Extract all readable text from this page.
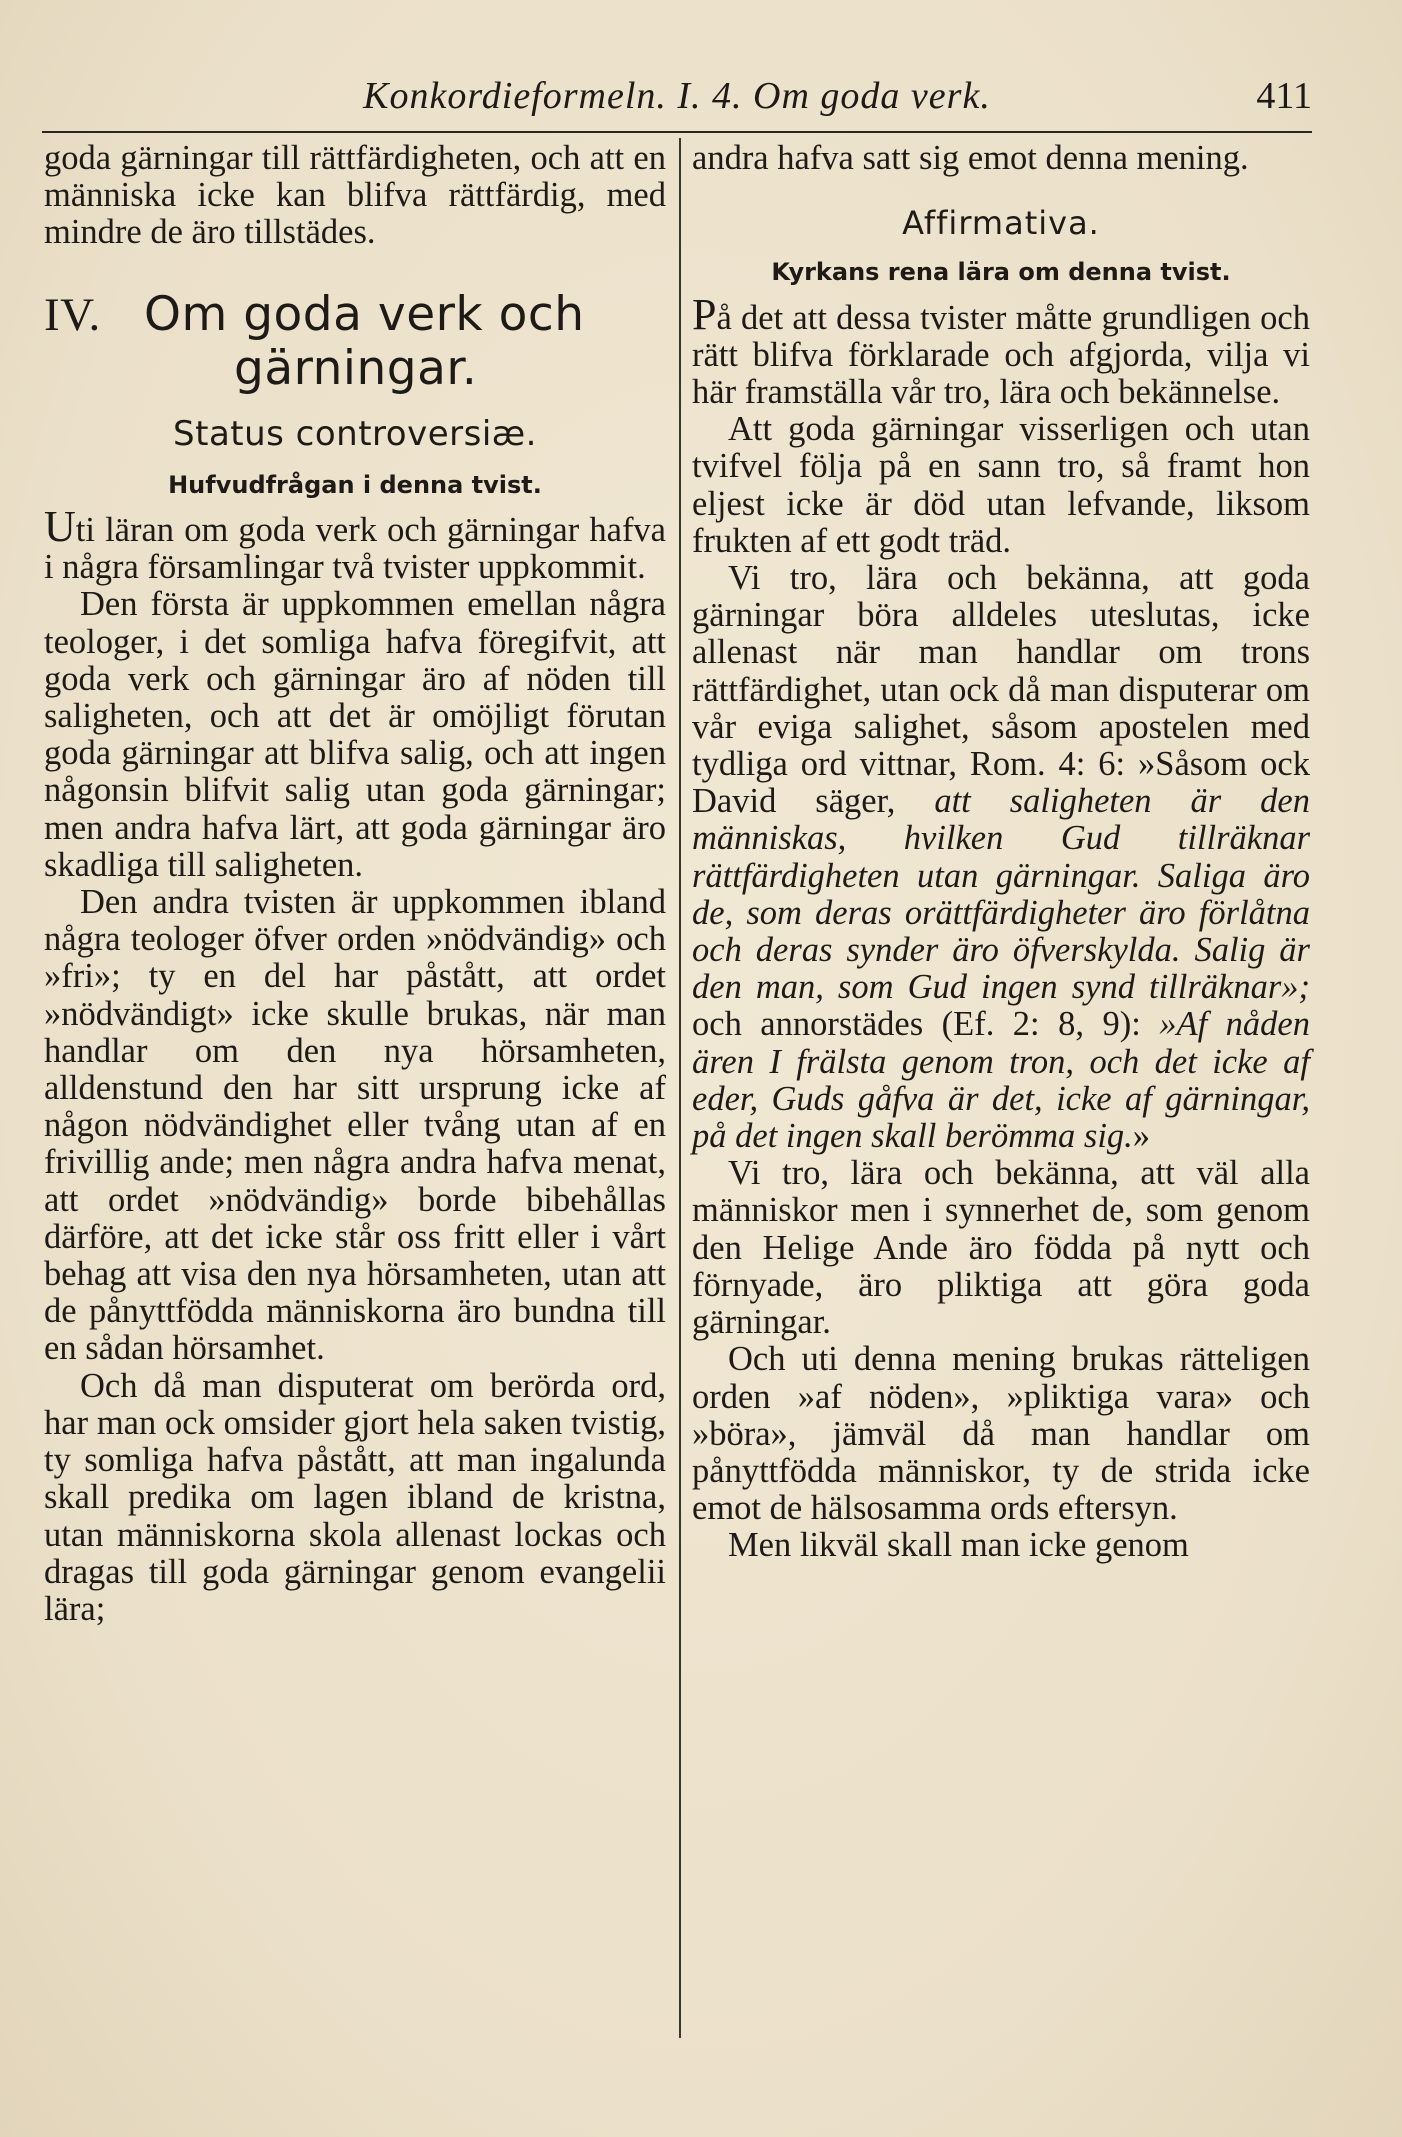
Konkordieformeln. I. 4. Om goda verk.	411

goda gärningar till rättfärdigheten, och att en människa icke kan blifva rättfärdig, med mindre de äro tillstädes.

IV. Om goda verk och
gärningar.
Status controversiæ.
Hufvudfrågan i denna tvist.

Uti läran om goda verk och gärningar hafva i några församlingar två tvister uppkommit.

Den första är uppkommen emellan några teologer, i det somliga hafva föregifvit, att goda verk och gärningar äro af nöden till saligheten, och att det är omöjligt förutan goda gärningar att blifva salig, och att ingen någonsin blifvit salig utan goda gärningar; men andra hafva lärt, att goda gärningar äro skadliga till saligheten.

Den andra tvisten är uppkommen ibland några teologer öfver orden »nödvändig» och »fri»; ty en del har påstått, att ordet »nödvändigt» icke skulle brukas, när man handlar om den nya hörsamheten, alldenstund den har sitt ursprung icke af någon nödvändighet eller tvång utan af en frivillig ande; men några andra hafva menat, att ordet »nödvändig» borde bibehållas därföre, att det icke står oss fritt eller i vårt behag att visa den nya hörsamheten, utan att de pånyttfödda människorna äro bundna till en sådan hörsamhet.

Och då man disputerat om berörda ord, har man ock omsider gjort hela saken tvistig, ty somliga hafva påstått, att man ingalunda skall predika om lagen ibland de kristna, utan människorna skola allenast lockas och dragas till goda gärningar genom evangelii lära;

andra hafva satt sig emot denna mening.

Affirmativa.
Kyrkans rena lära om denna tvist.

På det att dessa tvister måtte grundligen och rätt blifva förklarade och afgjorda, vilja vi här framställa vår tro, lära och bekännelse.

Att goda gärningar visserligen och utan tvifvel följa på en sann tro, så framt hon eljest icke är död utan lefvande, liksom frukten af ett godt träd.

Vi tro, lära och bekänna, att goda gärningar böra alldeles uteslutas, icke allenast när man handlar om trons rättfärdighet, utan ock då man disputerar om vår eviga salighet, såsom apostelen med tydliga ord vittnar, Rom. 4: 6: »Såsom ock David säger, att saligheten är den människas, hvilken Gud tillräknar rättfärdigheten utan gärningar. Saliga äro de, som deras orättfärdigheter äro förlåtna och deras synder äro öfverskylda. Salig är den man, som Gud ingen synd tillräknar»; och annorstädes (Ef. 2: 8, 9): »Af nåden ären I frälsta genom tron, och det icke af eder, Guds gåfva är det, icke af gärningar, på det ingen skall berömma sig.»

Vi tro, lära och bekänna, att väl alla människor men i synnerhet de, som genom den Helige Ande äro födda på nytt och förnyade, äro pliktiga att göra goda gärningar.

Och uti denna mening brukas rätteligen orden »af nöden», »pliktiga vara» och »böra», jämväl då man handlar om pånyttfödda människor, ty de strida icke emot de hälsosamma ords eftersyn.

Men likväl skall man icke genom
